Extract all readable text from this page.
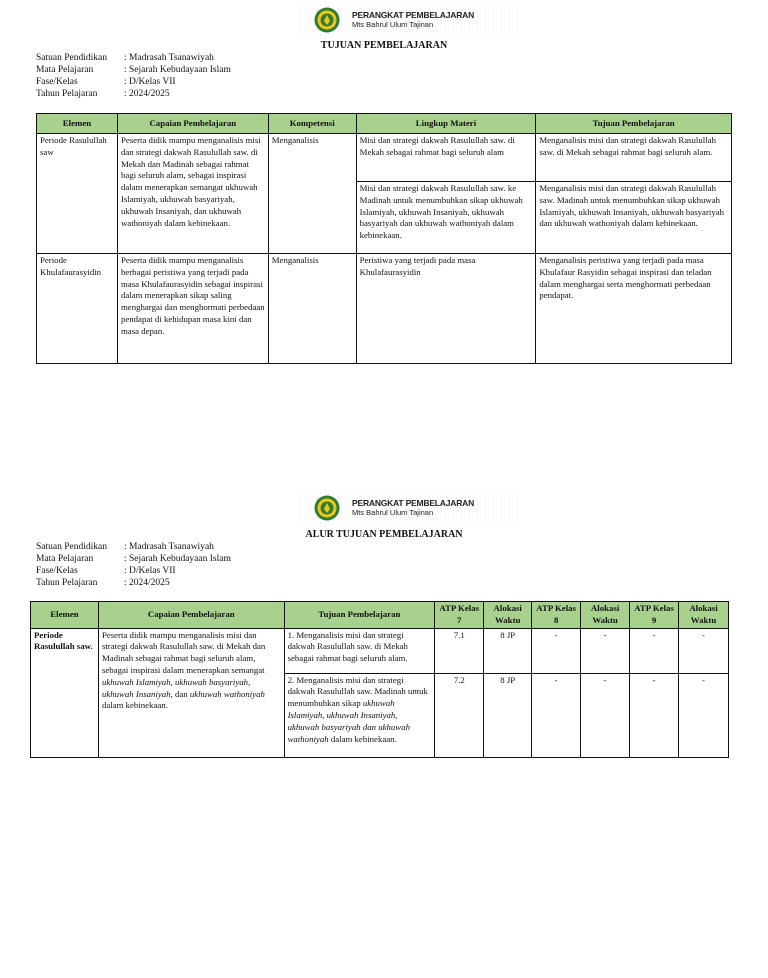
PERANGKAT PEMBELAJARAN
Mts Bahrul Ulum Tajinan
TUJUAN PEMBELAJARAN
Satuan Pendidikan	: Madrasah Tsanawiyah
Mata Pelajaran	: Sejarah Kebudayaan Islam
Fase/Kelas	: D/Kelas VII
Tahun Pelajaran	: 2024/2025
Elemen	Capaian Pembelajaran	Kompetensi	Lingkup Materi	Tujuan Pembelajaran
Periode Rasulullah saw	Peserta didik mampu menganalisis misi dan strategi dakwah Rasulullah saw. di Mekah dan Madinah sebagai rahmat bagi seluruh alam, sebagai inspirasi dalam menerapkan semangat ukhuwah Islamiyah, ukhuwah basyariyah, ukhuwah Insaniyah, dan ukhuwah wathoniyah dalam kebinekaan.	Menganalisis	Misi dan strategi dakwah Rasulullah saw. di Mekah sebagai rahmat bagi seluruh alam	Menganalisis misi dan strategi dakwah Rasulullah saw. di Mekah sebagai rahmat bagi seluruh alam.
			Misi dan strategi dakwah Rasulullah saw. ke Madinah untuk menumbuhkan sikap ukhuwah Islamiyah, ukhuwah Insaniyah, ukhuwah basyariyah dan ukhuwah wathoniyah dalam kebinekaan.	Menganalisis misi dan strategi dakwah Rasulullah saw. Madinah untuk menumbuhkan sikap ukhuwah Islamiyah, ukhuwah Insaniyah, ukhuwah basyariyah dan ukhuwah wathoniyah dalam kebinekaan.
Periode Khulafaurasyidin	Peserta didik mampu menganalisis berbagai peristiwa yang terjadi pada masa Khulafaurasyidin sebagai inspirasi dalam menerapkan sikap saling menghargai dan menghormati perbedaan pendapat di kehidupan masa kini dan masa depan.	Menganalisis	Peristiwa yang terjadi pada masa Khulafaurasyidin	Menganalisis peristiwa yang terjadi pada masa Khulafaur Rasyidin sebagai inspirasi dan teladan dalam menghargai serta menghormati perbedaan pendapat.
PERANGKAT PEMBELAJARAN
Mts Bahrul Ulum Tajinan
ALUR TUJUAN PEMBELAJARAN
Satuan Pendidikan	: Madrasah Tsanawiyah
Mata Pelajaran	: Sejarah Kebudayaan Islam
Fase/Kelas	: D/Kelas VII
Tahun Pelajaran	: 2024/2025
Elemen	Capaian Pembelajaran	Tujuan Pembelajaran	ATP Kelas 7	Alokasi Waktu	ATP Kelas 8	Alokasi Waktu	ATP Kelas 9	Alokasi Waktu
Periode Rasulullah saw.	Peserta didik mampu menganalisis misi dan strategi dakwah Rasulullah saw. di Mekah dan Madinah sebagai rahmat bagi seluruh alam, sebagai inspirasi dalam menerapkan semangat ukhuwah Islamiyah, ukhuwah basyariyah, ukhuwah Insaniyah, dan ukhuwah wathoniyah dalam kebinekaan.	1. Menganalisis misi dan strategi dakwah Rasulullah saw. di Mekah sebagai rahmat bagi seluruh alam.	7.1	8 JP	-	-	-	-
		2. Menganalisis misi dan strategi dakwah Rasulullah saw. Madinah untuk menumbuhkan sikap ukhuwah Islamiyah, ukhuwah Insaniyah, ukhuwah basyariyah dan ukhuwah wathoniyah dalam kebinekaan.	7.2	8 JP	-	-	-	-
